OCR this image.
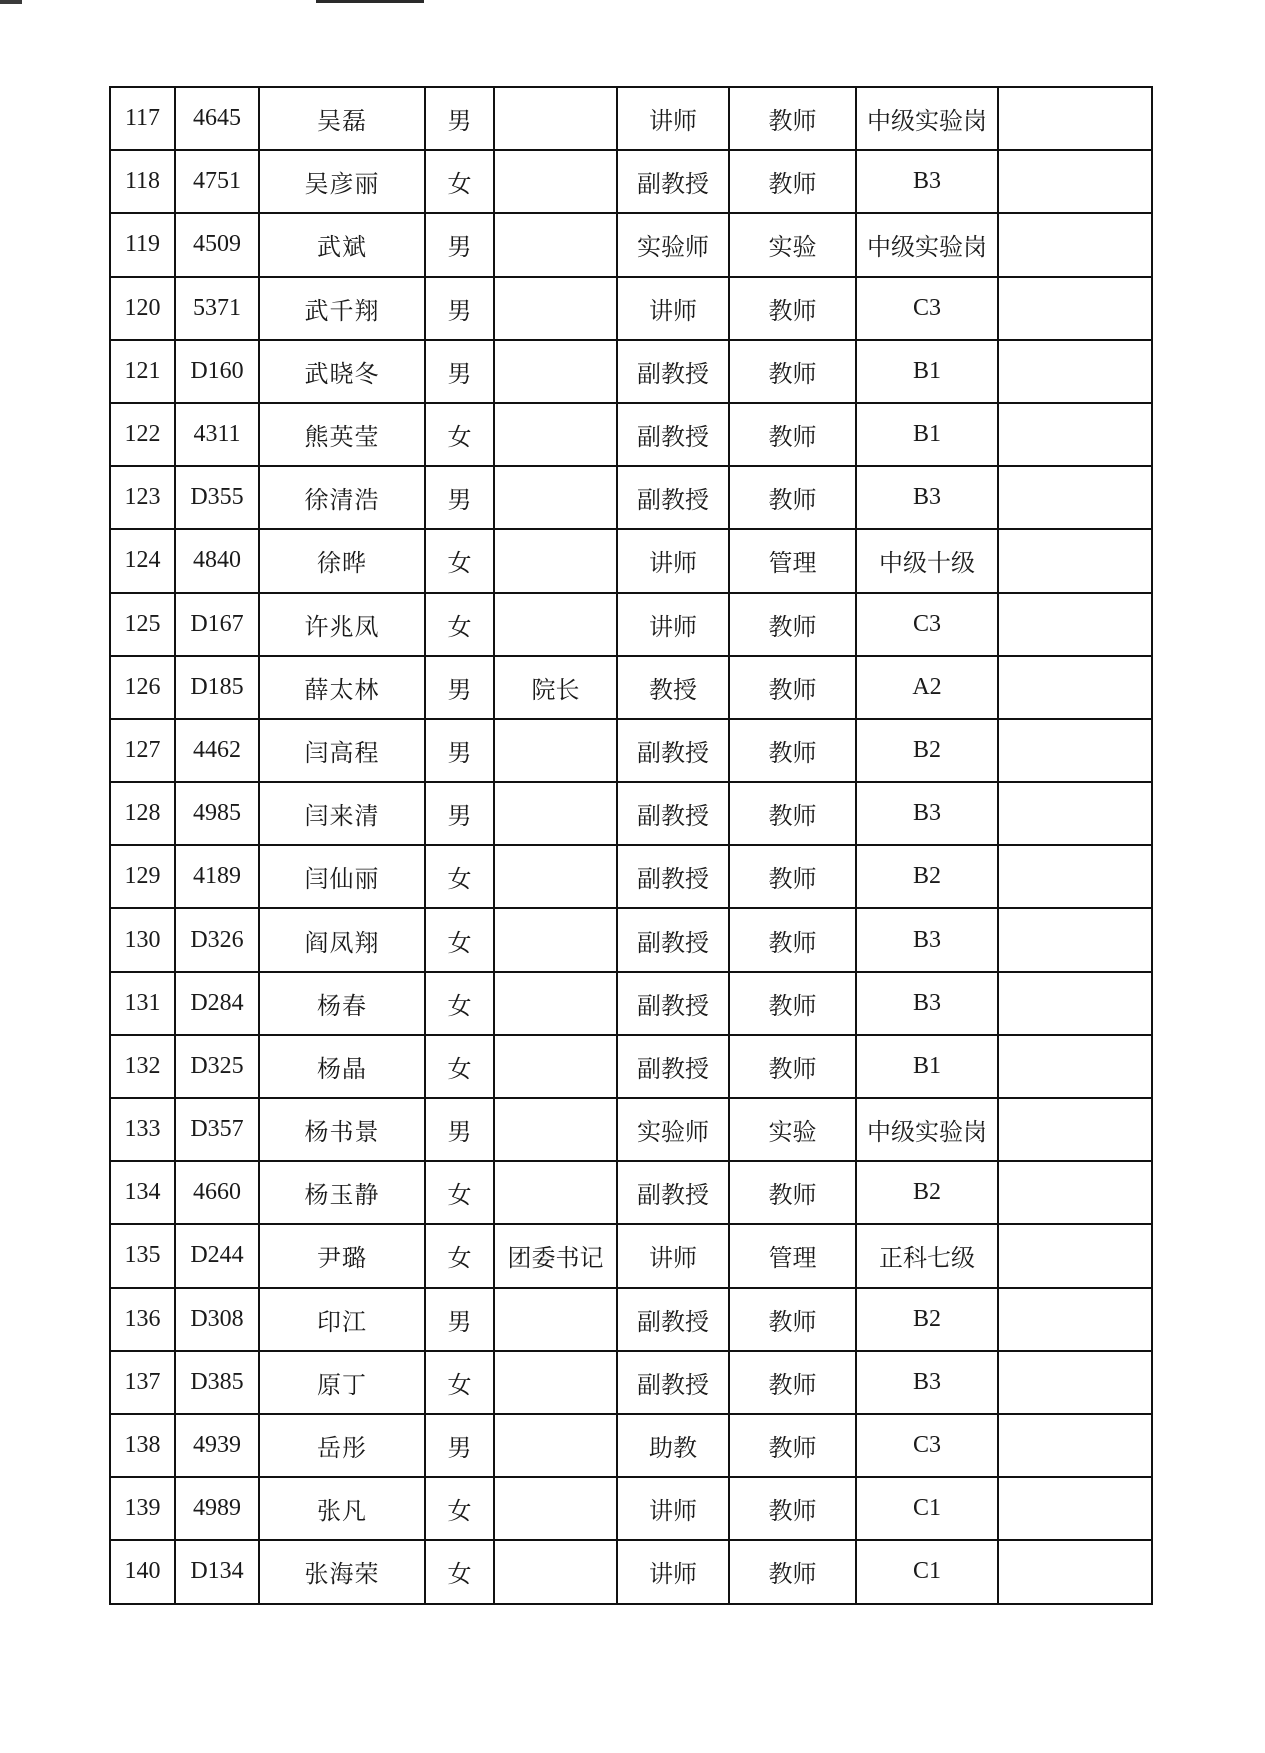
117	4645	吴磊	男		讲师	教师	中级实验岗	
118	4751	吴彦丽	女		副教授	教师	B3	
119	4509	武斌	男		实验师	实验	中级实验岗	
120	5371	武千翔	男		讲师	教师	C3	
121	D160	武晓冬	男		副教授	教师	B1	
122	4311	熊英莹	女		副教授	教师	B1	
123	D355	徐清浩	男		副教授	教师	B3	
124	4840	徐晔	女		讲师	管理	中级十级	
125	D167	许兆凤	女		讲师	教师	C3	
126	D185	薛太林	男	院长	教授	教师	A2	
127	4462	闫高程	男		副教授	教师	B2	
128	4985	闫来清	男		副教授	教师	B3	
129	4189	闫仙丽	女		副教授	教师	B2	
130	D326	阎凤翔	女		副教授	教师	B3	
131	D284	杨春	女		副教授	教师	B3	
132	D325	杨晶	女		副教授	教师	B1	
133	D357	杨书景	男		实验师	实验	中级实验岗	
134	4660	杨玉静	女		副教授	教师	B2	
135	D244	尹璐	女	团委书记	讲师	管理	正科七级	
136	D308	印江	男		副教授	教师	B2	
137	D385	原丁	女		副教授	教师	B3	
138	4939	岳彤	男		助教	教师	C3	
139	4989	张凡	女		讲师	教师	C1	
140	D134	张海荣	女		讲师	教师	C1	
